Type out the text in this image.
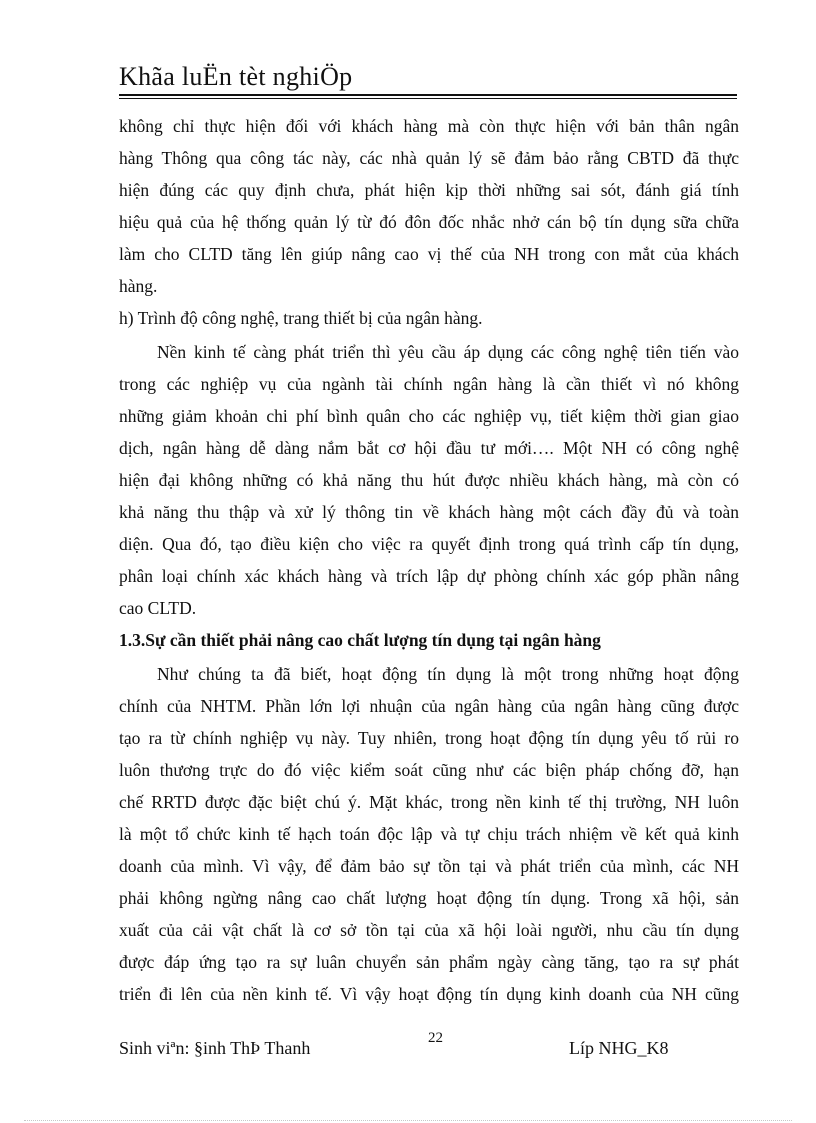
Khãa luËn tèt nghiÖp
không chỉ thực hiện đối với khách hàng mà còn thực hiện với bản thân ngân
hàng Thông qua công tác này, các nhà quản lý sẽ đảm bảo rằng CBTD đã thực
hiện đúng các quy định chưa, phát hiện kịp thời những sai sót, đánh giá tính
hiệu quả của hệ thống quản lý từ đó đôn đốc nhắc nhở cán bộ tín dụng sữa chữa
làm cho CLTD tăng lên giúp nâng cao vị thế của NH trong con mắt của khách
hàng.
h) Trình độ công nghệ, trang thiết bị của ngân hàng.
Nền kinh tế càng phát triển thì yêu cầu áp dụng các công nghệ tiên tiến vào
trong các nghiệp vụ của ngành tài chính ngân hàng là cần thiết vì nó không
những giảm khoản chi phí bình quân cho các nghiệp vụ, tiết kiệm thời gian giao
dịch, ngân hàng dễ dàng nắm bắt cơ hội đầu tư mới…. Một NH có công nghệ
hiện đại không những có khả năng thu hút được nhiều khách hàng, mà còn có
khả năng thu thập và xử lý thông tin về khách hàng một cách đầy đủ và toàn
diện. Qua đó, tạo điều kiện cho việc ra quyết định trong quá trình cấp tín dụng,
phân loại chính xác khách hàng và trích lập dự phòng chính xác góp phần nâng
cao CLTD.
1.3.Sự cần thiết phải nâng cao chất lượng tín dụng tại ngân hàng
Như chúng ta đã biết, hoạt động tín dụng là một trong những hoạt động
chính của NHTM. Phần lớn lợi nhuận của ngân hàng của ngân hàng cũng được
tạo ra từ chính nghiệp vụ này. Tuy nhiên, trong hoạt động tín dụng yêu tố rủi ro
luôn thương trực do đó việc kiểm soát cũng như các biện pháp chống đỡ, hạn
chế RRTD được đặc biệt chú ý. Mặt khác, trong nền kinh tế thị trường, NH luôn
là một tổ chức kinh tế hạch toán độc lập và tự chịu trách nhiệm về kết quả kinh
doanh của mình. Vì vậy, để đảm bảo sự tồn tại và phát triển của mình, các NH
phải không ngừng nâng cao chất lượng hoạt động tín dụng. Trong xã hội, sản
xuất của cải vật chất là cơ sở tồn tại của xã hội loài người, nhu cầu tín dụng
được đáp ứng tạo ra sự luân chuyển sản phẩm ngày càng tăng, tạo ra sự phát
triển đi lên của nền kinh tế. Vì vậy hoạt động tín dụng kinh doanh của NH cũng
Sinh viªn: §inh ThÞ Thanh	22	Líp NHG_K8
